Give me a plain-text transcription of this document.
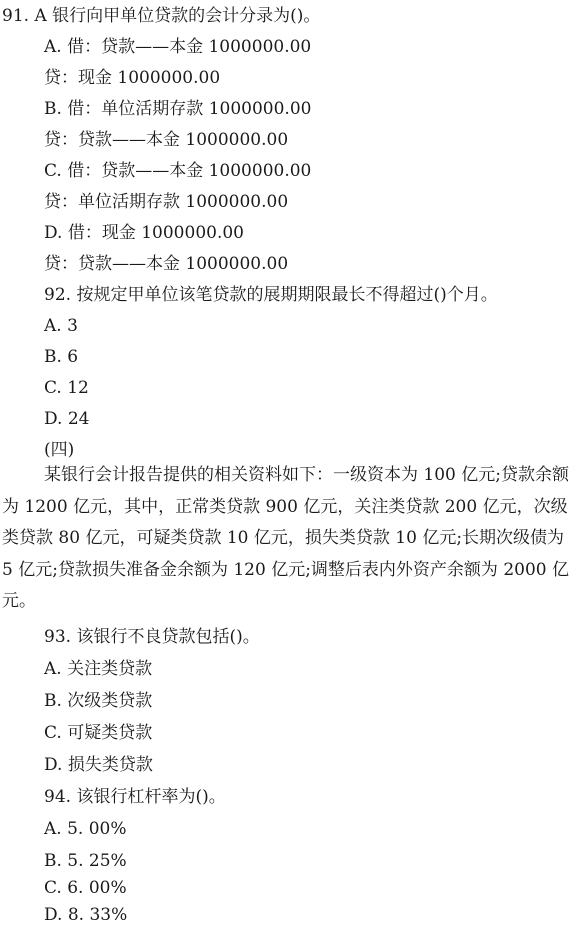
91. A 银行向甲单位贷款的会计分录为()。
A. 借：贷款——本金 1000000.00
贷：现金 1000000.00
B. 借：单位活期存款 1000000.00
贷：贷款——本金 1000000.00
C. 借：贷款——本金 1000000.00
贷：单位活期存款 1000000.00
D. 借：现金 1000000.00
贷：贷款——本金 1000000.00
92. 按规定甲单位该笔贷款的展期期限最长不得超过()个月。
A. 3
B. 6
C. 12
D. 24
(四)

某银行会计报告提供的相关资料如下：一级资本为 100 亿元;贷款余额为 1200 亿元，其中，正常类贷款 900 亿元，关注类贷款 200 亿元，次级类贷款 80 亿元，可疑类贷款 10 亿元，损失类贷款 10 亿元;长期次级债为 5 亿元;贷款损失准备金余额为 120 亿元;调整后表内外资产余额为 2000 亿元。

93. 该银行不良贷款包括()。
A. 关注类贷款
B. 次级类贷款
C. 可疑类贷款
D. 损失类贷款
94. 该银行杠杆率为()。
A. 5. 00%
B. 5. 25%
C. 6. 00%
D. 8. 33%
